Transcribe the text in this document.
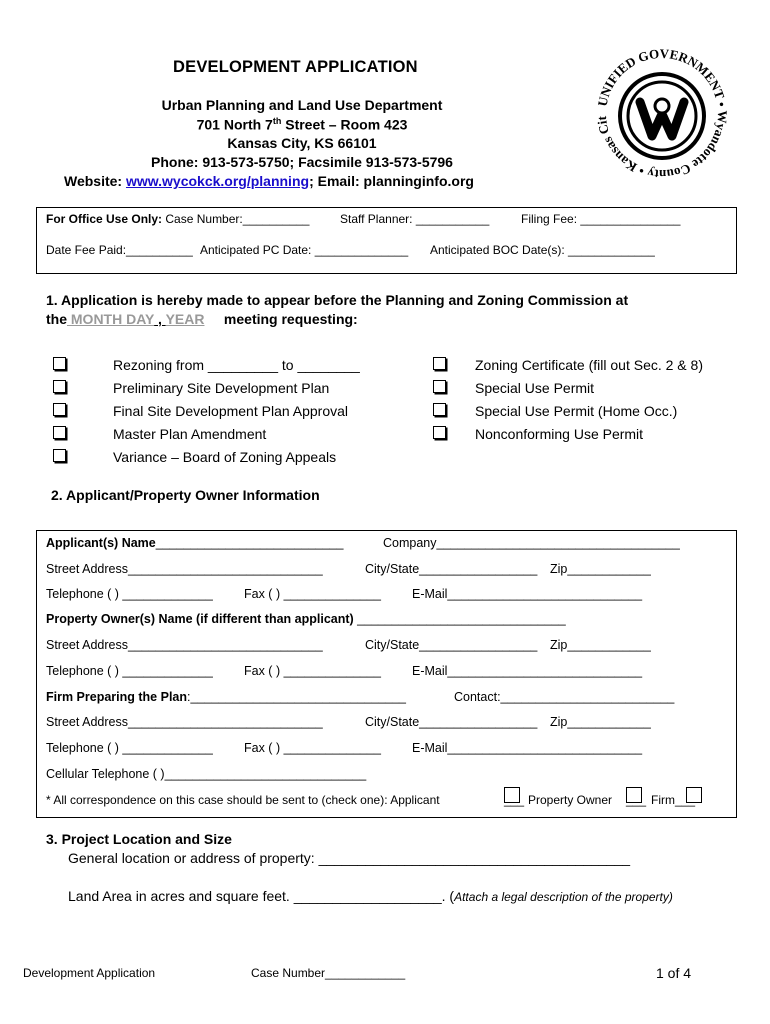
DEVELOPMENT APPLICATION
Urban Planning and Land Use Department
701 North 7th Street – Room 423
Kansas City, KS 66101
Phone: 913-573-5750; Facsimile 913-573-5796
Website: www.wycokck.org/planning; Email: planninginfo.org
UNIFIED GOVERNMENT • Wyandotte County • Kansas Cit
For Office Use Only: Case Number:__________	Staff Planner: ___________	Filing Fee: _______________
Date Fee Paid:__________ Anticipated PC Date: ______________ Anticipated BOC Date(s): _____________
1. Application is hereby made to appear before the Planning and Zoning Commission at
the MONTH DAY , YEAR meeting requesting:
Rezoning from _________ to ________
Preliminary Site Development Plan
Final Site Development Plan Approval
Master Plan Amendment
Variance – Board of Zoning Appeals
Zoning Certificate (fill out Sec. 2 & 8)
Special Use Permit
Special Use Permit (Home Occ.)
Nonconforming Use Permit
2. Applicant/Property Owner Information
Applicant(s) Name___________________________	Company___________________________________
Street Address____________________________	City/State_________________ Zip____________
Telephone ( ) _____________ Fax ( ) ______________ E-Mail____________________________
Property Owner(s) Name (if different than applicant) ______________________________
Street Address____________________________	City/State_________________ Zip____________
Telephone ( ) _____________ Fax ( ) ______________ E-Mail____________________________
Firm Preparing the Plan:_______________________________	Contact:_________________________
Street Address____________________________	City/State_________________ Zip____________
Telephone ( ) _____________ Fax ( ) ______________ E-Mail____________________________
Cellular Telephone ( )_____________________________
* All correspondence on this case should be sent to (check one): Applicant	___ Property Owner ___ Firm ___
3. Project Location and Size
General location or address of property: ________________________________________
Land Area in acres and square feet. ___________________. (Attach a legal description of the property)
Development Application	Case Number____________	1 of 4
